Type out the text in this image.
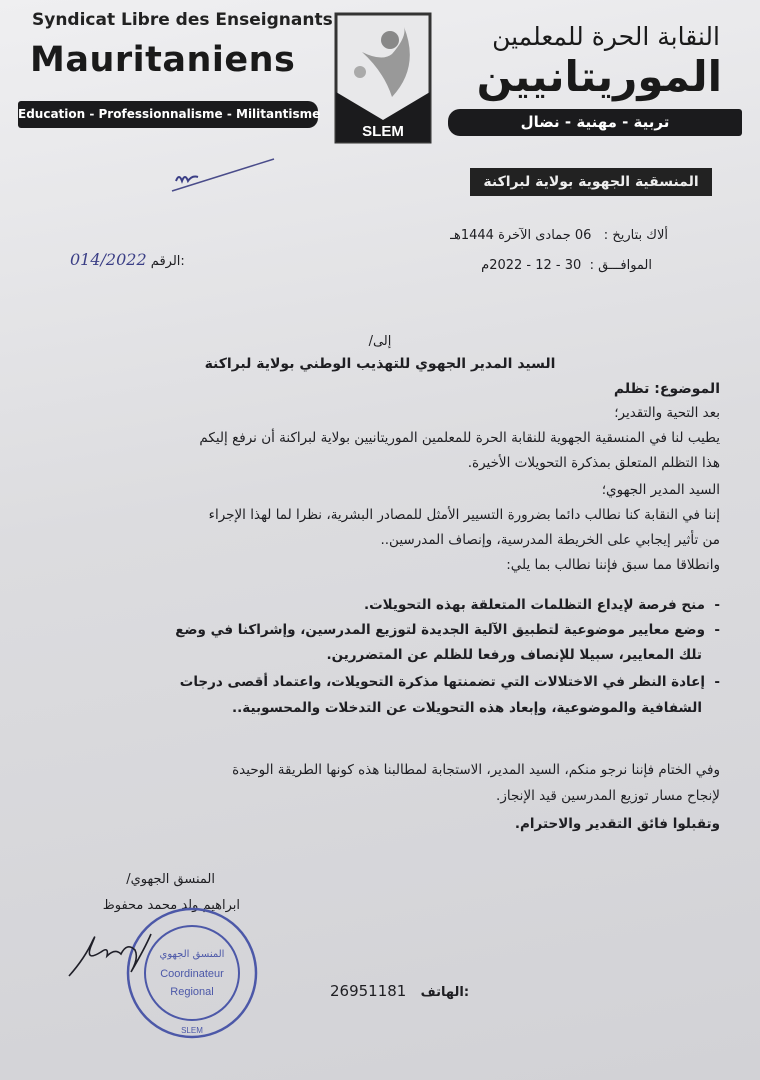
Syndicat Libre des Enseignants
Mauritaniens
Education - Professionnalisme - Militantisme
SLEM
النقابة الحرة للمعلمين
الموريتانيين
تربية - مهنية - نضال
المنسقية الجهوية بولاية لبراكنة
ألاك بتاريخ :   06 جمادى الآخرة 1444هـ
الموافـــق :  30 - 12 - 2022م
014/2022 الرقم:
إلى/
السيد المدير الجهوي للتهذيب الوطني بولاية لبراكنة
الموضوع: تظلم
بعد التحية والتقدير؛
يطيب لنا في المنسقية الجهوية للنقابة الحرة للمعلمين الموريتانيين بولاية لبراكنة أن نرفع إليكم
هذا التظلم المتعلق بمذكرة التحويلات الأخيرة.
السيد المدير الجهوي؛
إننا في النقابة كنا نطالب دائما بضرورة التسيير الأمثل للمصادر البشرية، نظرا لما لهذا الإجراء
من تأثير إيجابي على الخريطة المدرسية، وإنصاف المدرسين..
وانطلاقا مما سبق فإننا نطالب بما يلي:
-  منح فرصة لإيداع التظلمات المتعلقة بهذه التحويلات.
-  وضع معايير موضوعية لتطبيق الآلية الجديدة لتوزيع المدرسين، وإشراكنا في وضع
تلك المعايير، سبيلا للإنصاف ورفعا للظلم عن المتضررين.
-  إعادة النظر في الاختلالات التي تضمنتها مذكرة التحويلات، واعتماد أقصى درجات
الشفافية والموضوعية، وإبعاد هذه التحويلات عن التدخلات والمحسوبية..
وفي الختام فإننا نرجو منكم، السيد المدير، الاستجابة لمطالبنا هذه كونها الطريقة الوحيدة
لإنجاح مسار توزيع المدرسين قيد الإنجاز.
وتقبلوا فائق التقدير والاحترام.
المنسق الجهوي/
ابراهيم ولد محمد محفوظ
المنسق الجهوي
Coordinateur
Regional
SLEM
26951181 الهاتف:
